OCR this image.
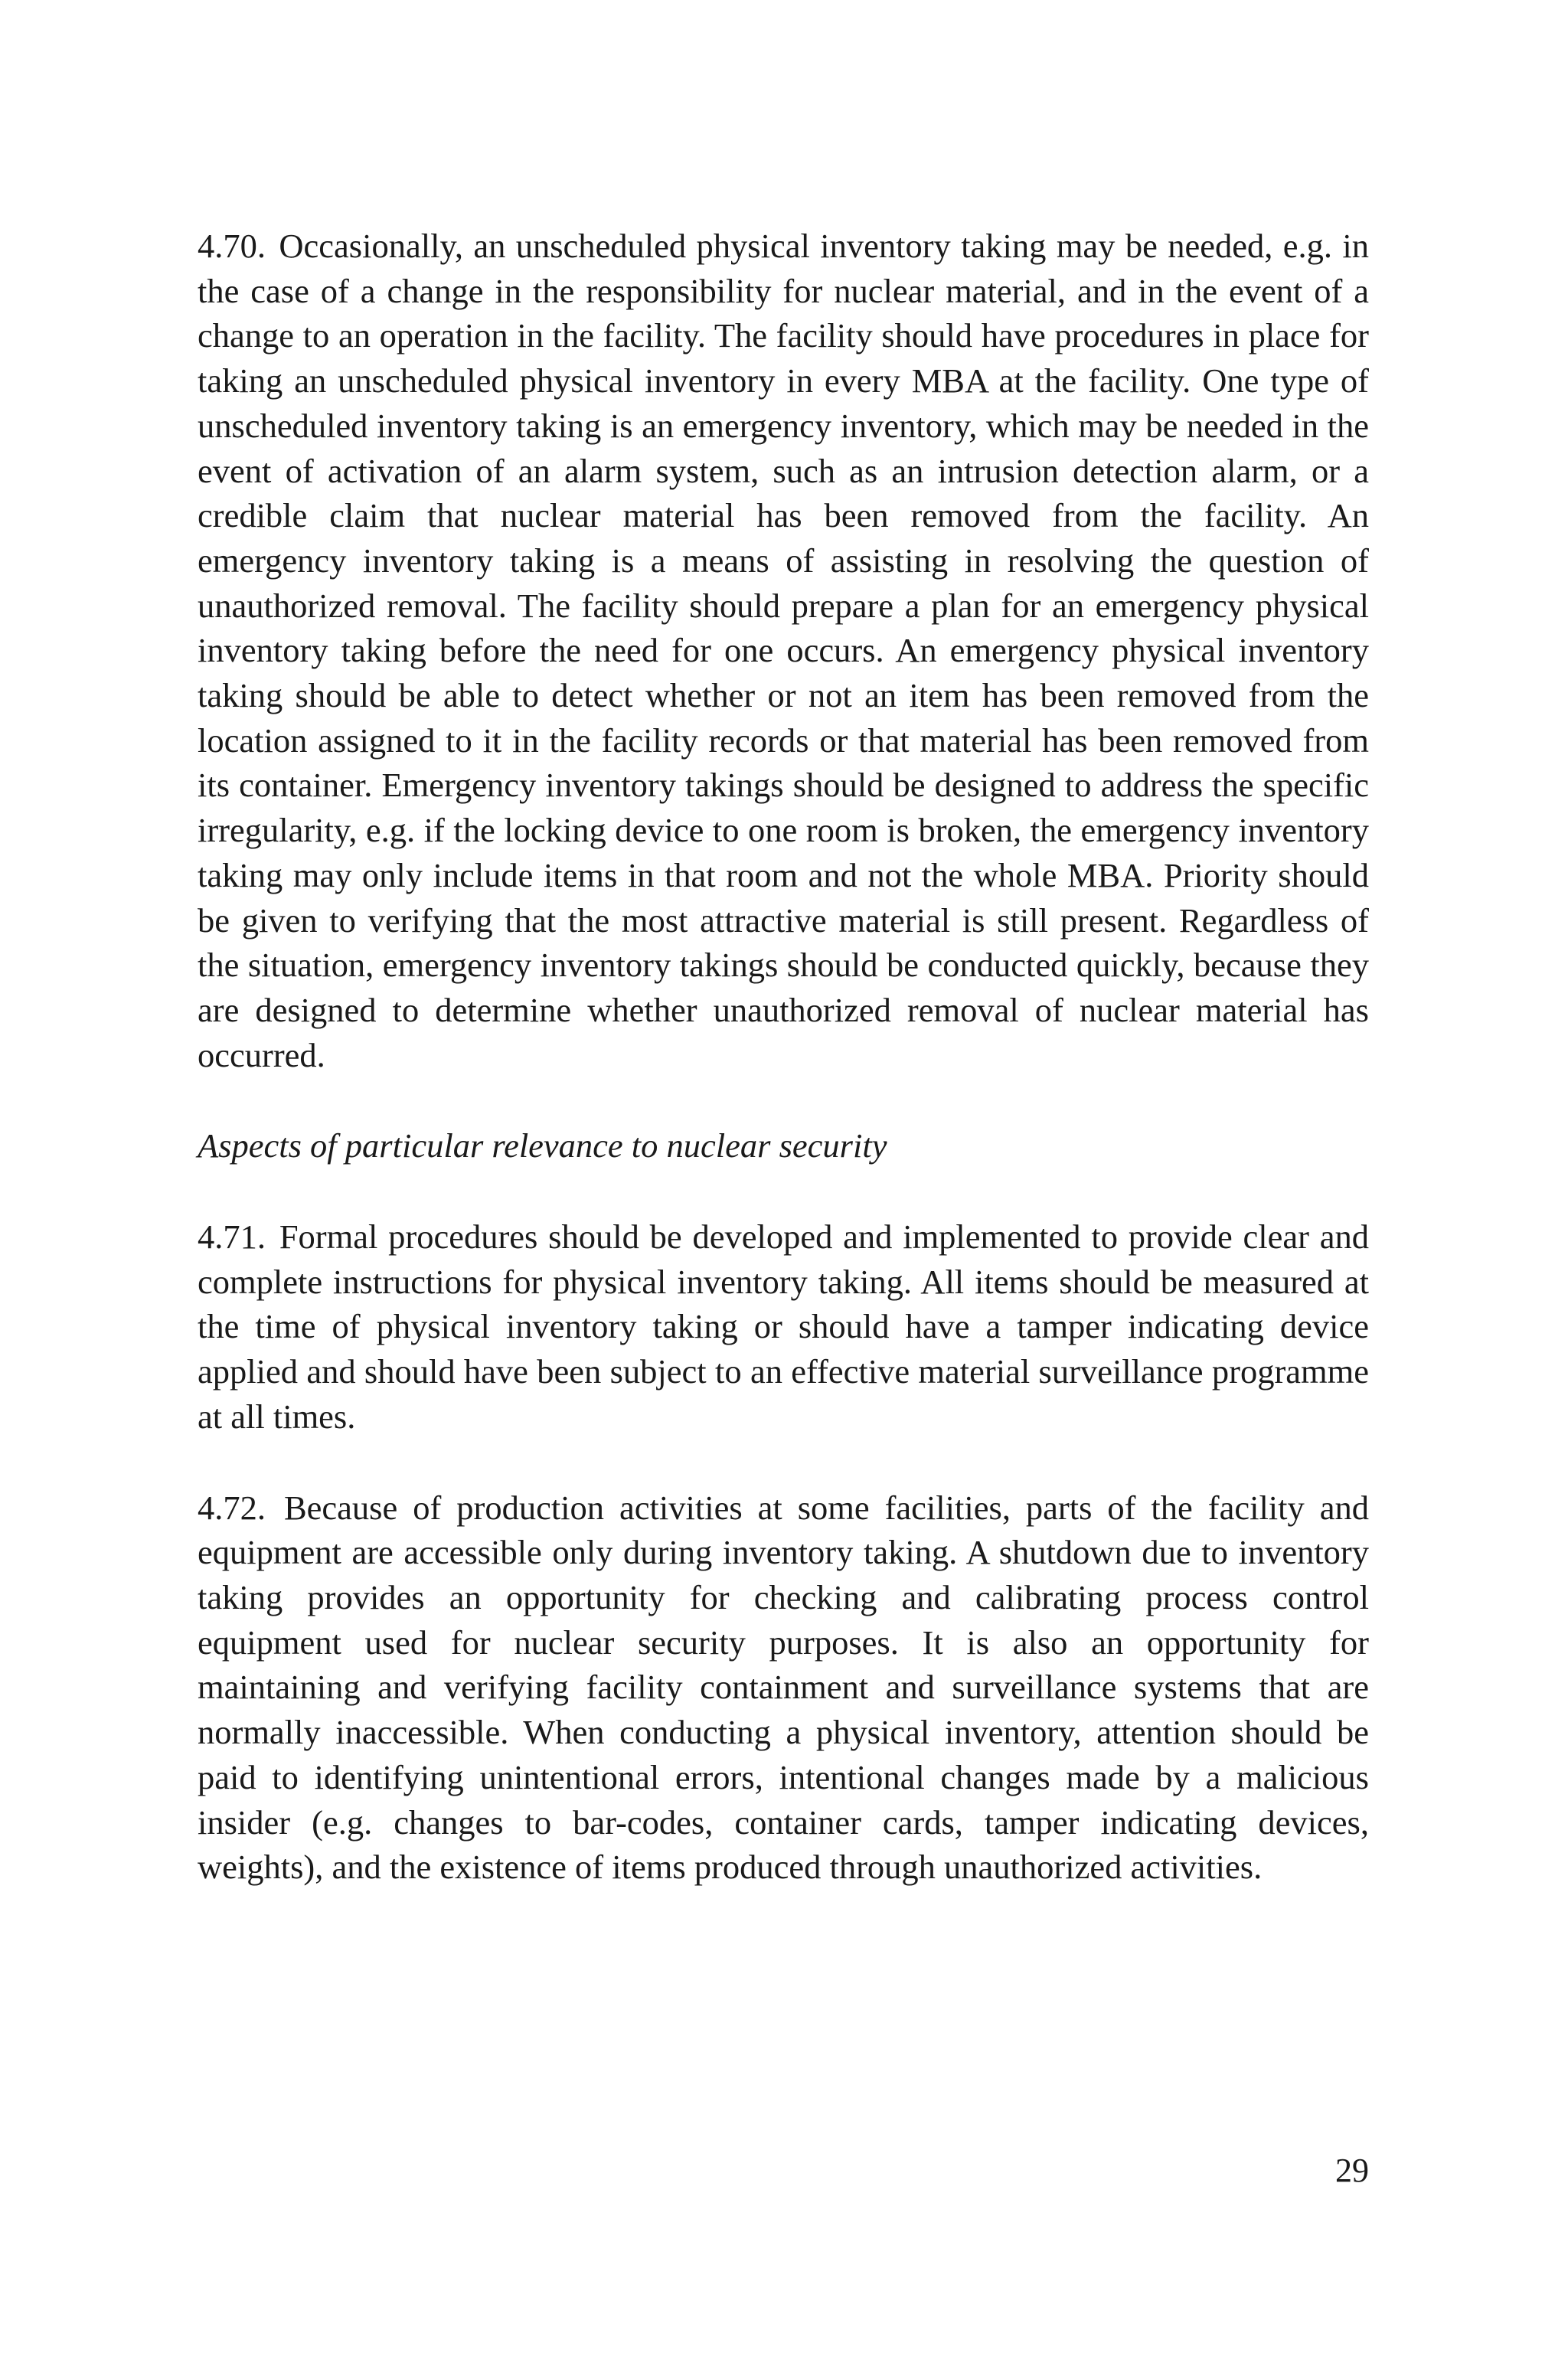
4.70. Occasionally, an unscheduled physical inventory taking may be needed, e.g. in the case of a change in the responsibility for nuclear material, and in the event of a change to an operation in the facility. The facility should have procedures in place for taking an unscheduled physical inventory in every MBA at the facility. One type of unscheduled inventory taking is an emergency inventory, which may be needed in the event of activation of an alarm system, such as an intrusion detection alarm, or a credible claim that nuclear material has been removed from the facility. An emergency inventory taking is a means of assisting in resolving the question of unauthorized removal. The facility should prepare a plan for an emergency physical inventory taking before the need for one occurs. An emergency physical inventory taking should be able to detect whether or not an item has been removed from the location assigned to it in the facility records or that material has been removed from its container. Emergency inventory takings should be designed to address the specific irregularity, e.g. if the locking device to one room is broken, the emergency inventory taking may only include items in that room and not the whole MBA. Priority should be given to verifying that the most attractive material is still present. Regardless of the situation, emergency inventory takings should be conducted quickly, because they are designed to determine whether unauthorized removal of nuclear material has occurred.

Aspects of particular relevance to nuclear security

4.71. Formal procedures should be developed and implemented to provide clear and complete instructions for physical inventory taking. All items should be measured at the time of physical inventory taking or should have a tamper indicating device applied and should have been subject to an effective material surveillance programme at all times.

4.72. Because of production activities at some facilities, parts of the facility and equipment are accessible only during inventory taking. A shutdown due to inventory taking provides an opportunity for checking and calibrating process control equipment used for nuclear security purposes. It is also an opportunity for maintaining and verifying facility containment and surveillance systems that are normally inaccessible. When conducting a physical inventory, attention should be paid to identifying unintentional errors, intentional changes made by a malicious insider (e.g. changes to bar-codes, container cards, tamper indicating devices, weights), and the existence of items produced through unauthorized activities.

29
